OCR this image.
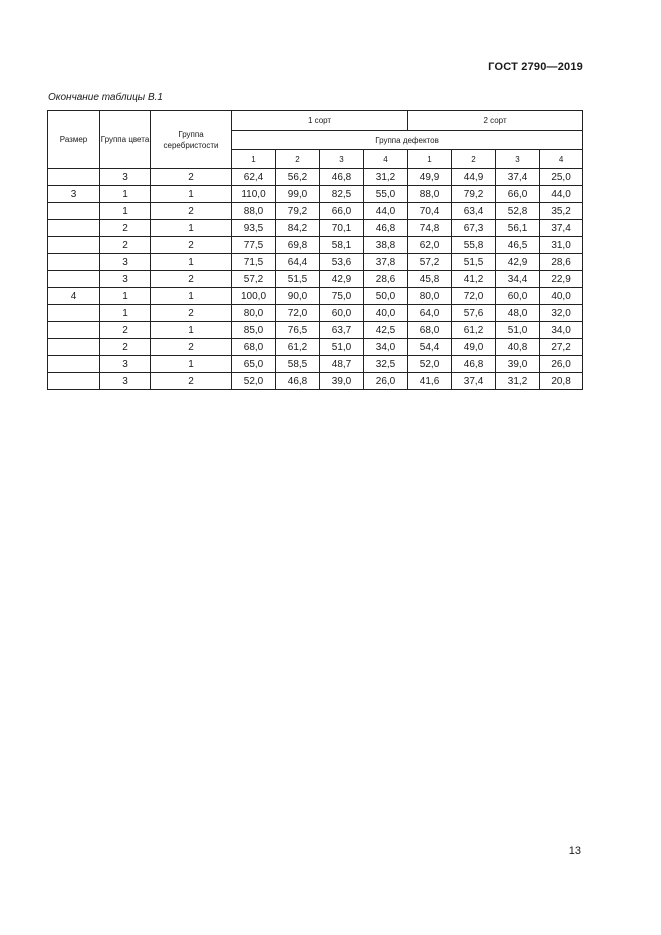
ГОСТ 2790—2019
Окончание таблицы В.1
Размер	Группа цвета	Группа серебристости	1 сорт				2 сорт			
			Группа дефектов							
			1	2	3	4	1	2	3	4
	3	2	62,4	56,2	46,8	31,2	49,9	44,9	37,4	25,0
3	1	1	110,0	99,0	82,5	55,0	88,0	79,2	66,0	44,0
	1	2	88,0	79,2	66,0	44,0	70,4	63,4	52,8	35,2
	2	1	93,5	84,2	70,1	46,8	74,8	67,3	56,1	37,4
	2	2	77,5	69,8	58,1	38,8	62,0	55,8	46,5	31,0
	3	1	71,5	64,4	53,6	37,8	57,2	51,5	42,9	28,6
	3	2	57,2	51,5	42,9	28,6	45,8	41,2	34,4	22,9
4	1	1	100,0	90,0	75,0	50,0	80,0	72,0	60,0	40,0
	1	2	80,0	72,0	60,0	40,0	64,0	57,6	48,0	32,0
	2	1	85,0	76,5	63,7	42,5	68,0	61,2	51,0	34,0
	2	2	68,0	61,2	51,0	34,0	54,4	49,0	40,8	27,2
	3	1	65,0	58,5	48,7	32,5	52,0	46,8	39,0	26,0
	3	2	52,0	46,8	39,0	26,0	41,6	37,4	31,2	20,8
13
